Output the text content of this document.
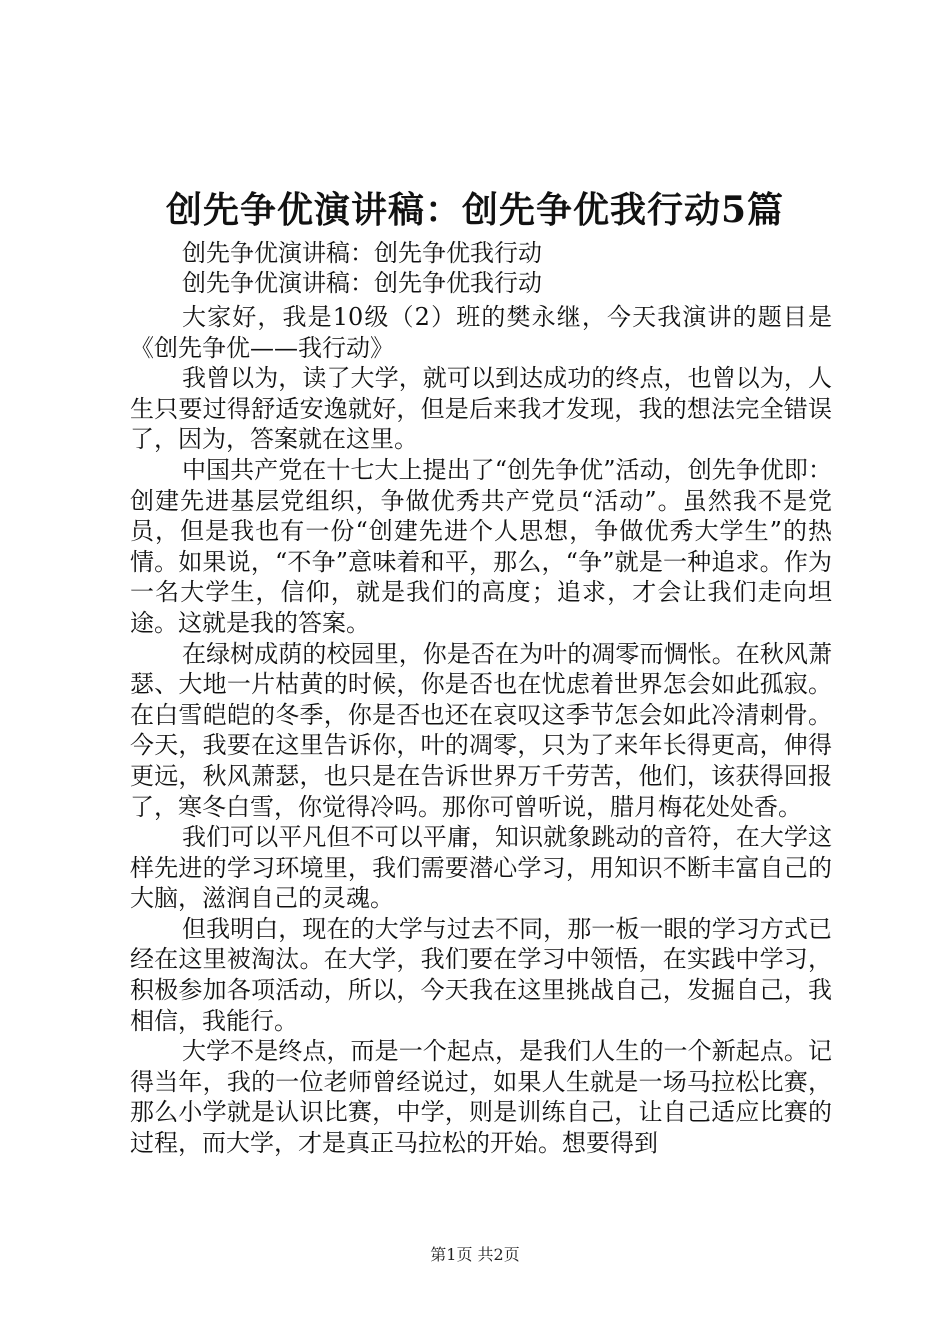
创先争优演讲稿：创先争优我行动5篇
创先争优演讲稿：创先争优我行动
创先争优演讲稿：创先争优我行动

大家好，我是10级（2）班的樊永继，今天我演讲的题目是《创先争优——我行动》

我曾以为，读了大学，就可以到达成功的终点，也曾以为，人生只要过得舒适安逸就好，但是后来我才发现，我的想法完全错误了，因为，答案就在这里。

中国共产党在十七大上提出了“创先争优”活动，创先争优即：创建先进基层党组织，争做优秀共产党员“活动”。虽然我不是党员，但是我也有一份“创建先进个人思想，争做优秀大学生”的热情。如果说，“不争”意味着和平，那么，“争”就是一种追求。作为一名大学生，信仰，就是我们的高度；追求，才会让我们走向坦途。这就是我的答案。

在绿树成荫的校园里，你是否在为叶的凋零而惆怅。在秋风萧瑟、大地一片枯黄的时候，你是否也在忧虑着世界怎会如此孤寂。在白雪皑皑的冬季，你是否也还在哀叹这季节怎会如此冷清刺骨。今天，我要在这里告诉你，叶的凋零，只为了来年长得更高，伸得更远，秋风萧瑟，也只是在告诉世界万千劳苦，他们，该获得回报了，寒冬白雪，你觉得冷吗。那你可曾听说，腊月梅花处处香。

我们可以平凡但不可以平庸，知识就象跳动的音符，在大学这样先进的学习环境里，我们需要潜心学习，用知识不断丰富自己的大脑，滋润自己的灵魂。

但我明白，现在的大学与过去不同，那一板一眼的学习方式已经在这里被淘汰。在大学，我们要在学习中领悟，在实践中学习，积极参加各项活动，所以，今天我在这里挑战自己，发掘自己，我相信，我能行。

大学不是终点，而是一个起点，是我们人生的一个新起点。记得当年，我的一位老师曾经说过，如果人生就是一场马拉松比赛，那么小学就是认识比赛，中学，则是训练自己，让自己适应比赛的过程，而大学，才是真正马拉松的开始。想要得到

第1页 共2页
